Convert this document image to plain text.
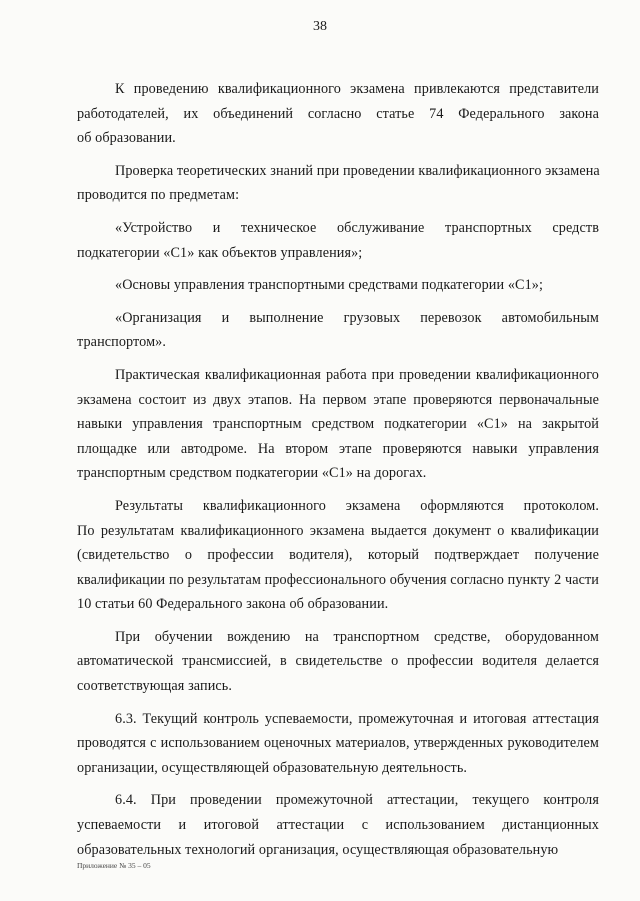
38
К проведению квалификационного экзамена привлекаются представители
работодателей, их объединений согласно статье 74 Федерального закона
об образовании.
Проверка теоретических знаний при проведении квалификационного экзамена
проводится по предметам:
«Устройство и техническое обслуживание транспортных средств
подкатегории «С1» как объектов управления»;
«Основы управления транспортными средствами подкатегории «С1»;
«Организация и выполнение грузовых перевозок автомобильным
транспортом».
Практическая квалификационная работа при проведении квалификационного
экзамена состоит из двух этапов. На первом этапе проверяются первоначальные
навыки управления транспортным средством подкатегории «С1» на закрытой
площадке или автодроме. На втором этапе проверяются навыки управления
транспортным средством подкатегории «С1» на дорогах.
Результаты квалификационного экзамена оформляются протоколом.
По результатам квалификационного экзамена выдается документ о квалификации
(свидетельство о профессии водителя), который подтверждает получение
квалификации по результатам профессионального обучения согласно пункту 2 части
10 статьи 60 Федерального закона об образовании.
При обучении вождению на транспортном средстве, оборудованном
автоматической трансмиссией, в свидетельстве о профессии водителя делается
соответствующая запись.
6.3. Текущий контроль успеваемости, промежуточная и итоговая аттестация
проводятся с использованием оценочных материалов, утвержденных руководителем
организации, осуществляющей образовательную деятельность.
6.4. При проведении промежуточной аттестации, текущего контроля
успеваемости и итоговой аттестации с использованием дистанционных
образовательных технологий организация, осуществляющая образовательную
Приложение № 35 – 05
